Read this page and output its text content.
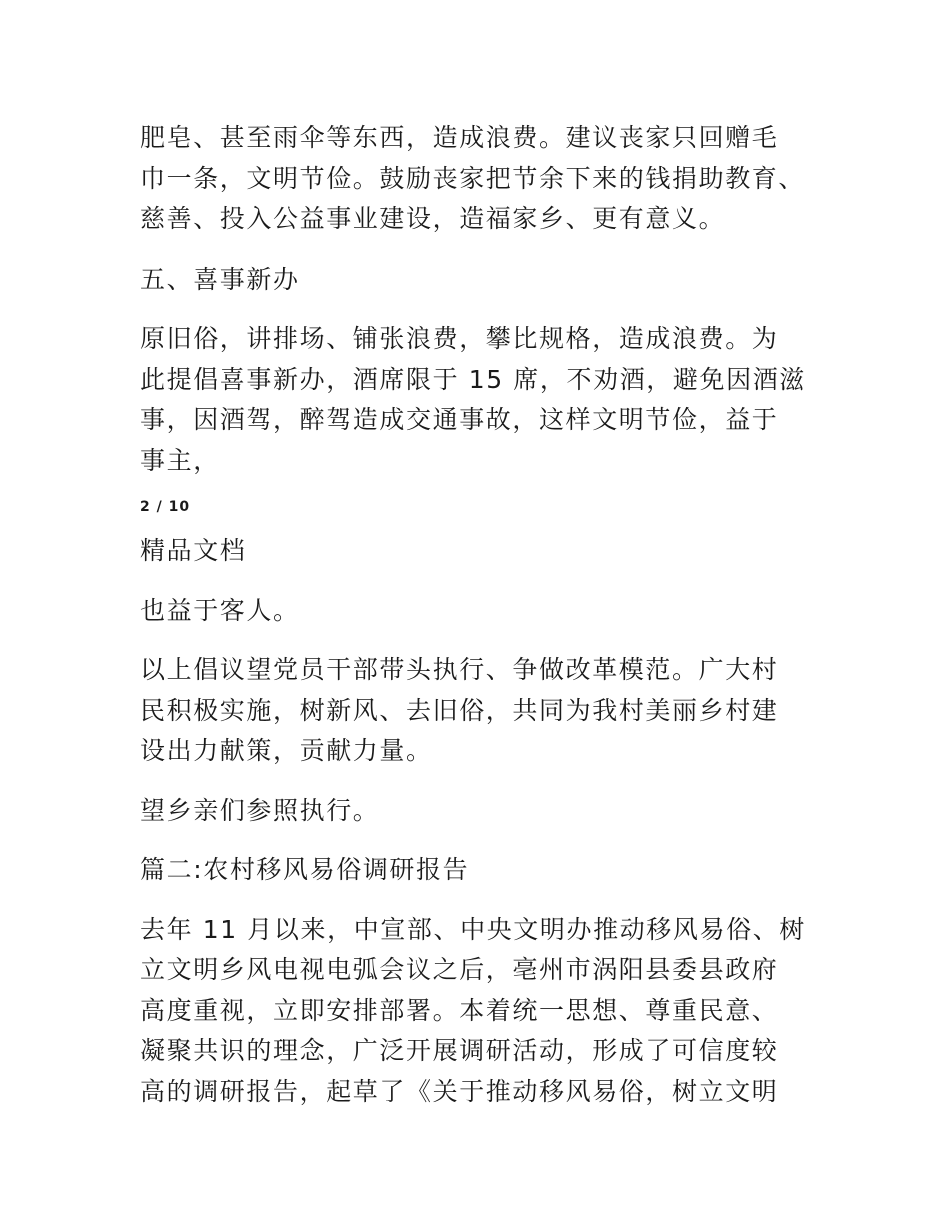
肥皂、甚至雨伞等东西，造成浪费。建议丧家只回赠毛
巾一条，文明节俭。鼓励丧家把节余下来的钱捐助教育、
慈善、投入公益事业建设，造福家乡、更有意义。
五、喜事新办
原旧俗，讲排场、铺张浪费，攀比规格，造成浪费。为
此提倡喜事新办，酒席限于 15 席，不劝酒，避免因酒滋
事，因酒驾，醉驾造成交通事故，这样文明节俭，益于
事主，
2 / 10
精品文档
也益于客人。
以上倡议望党员干部带头执行、争做改革模范。广大村
民积极实施，树新风、去旧俗，共同为我村美丽乡村建
设出力献策，贡献力量。
望乡亲们参照执行。
篇二:农村移风易俗调研报告
去年 11 月以来，中宣部、中央文明办推动移风易俗、树
立文明乡风电视电弧会议之后，亳州市涡阳县委县政府
高度重视，立即安排部署。本着统一思想、尊重民意、
凝聚共识的理念，广泛开展调研活动，形成了可信度较
高的调研报告，起草了《关于推动移风易俗，树立文明
